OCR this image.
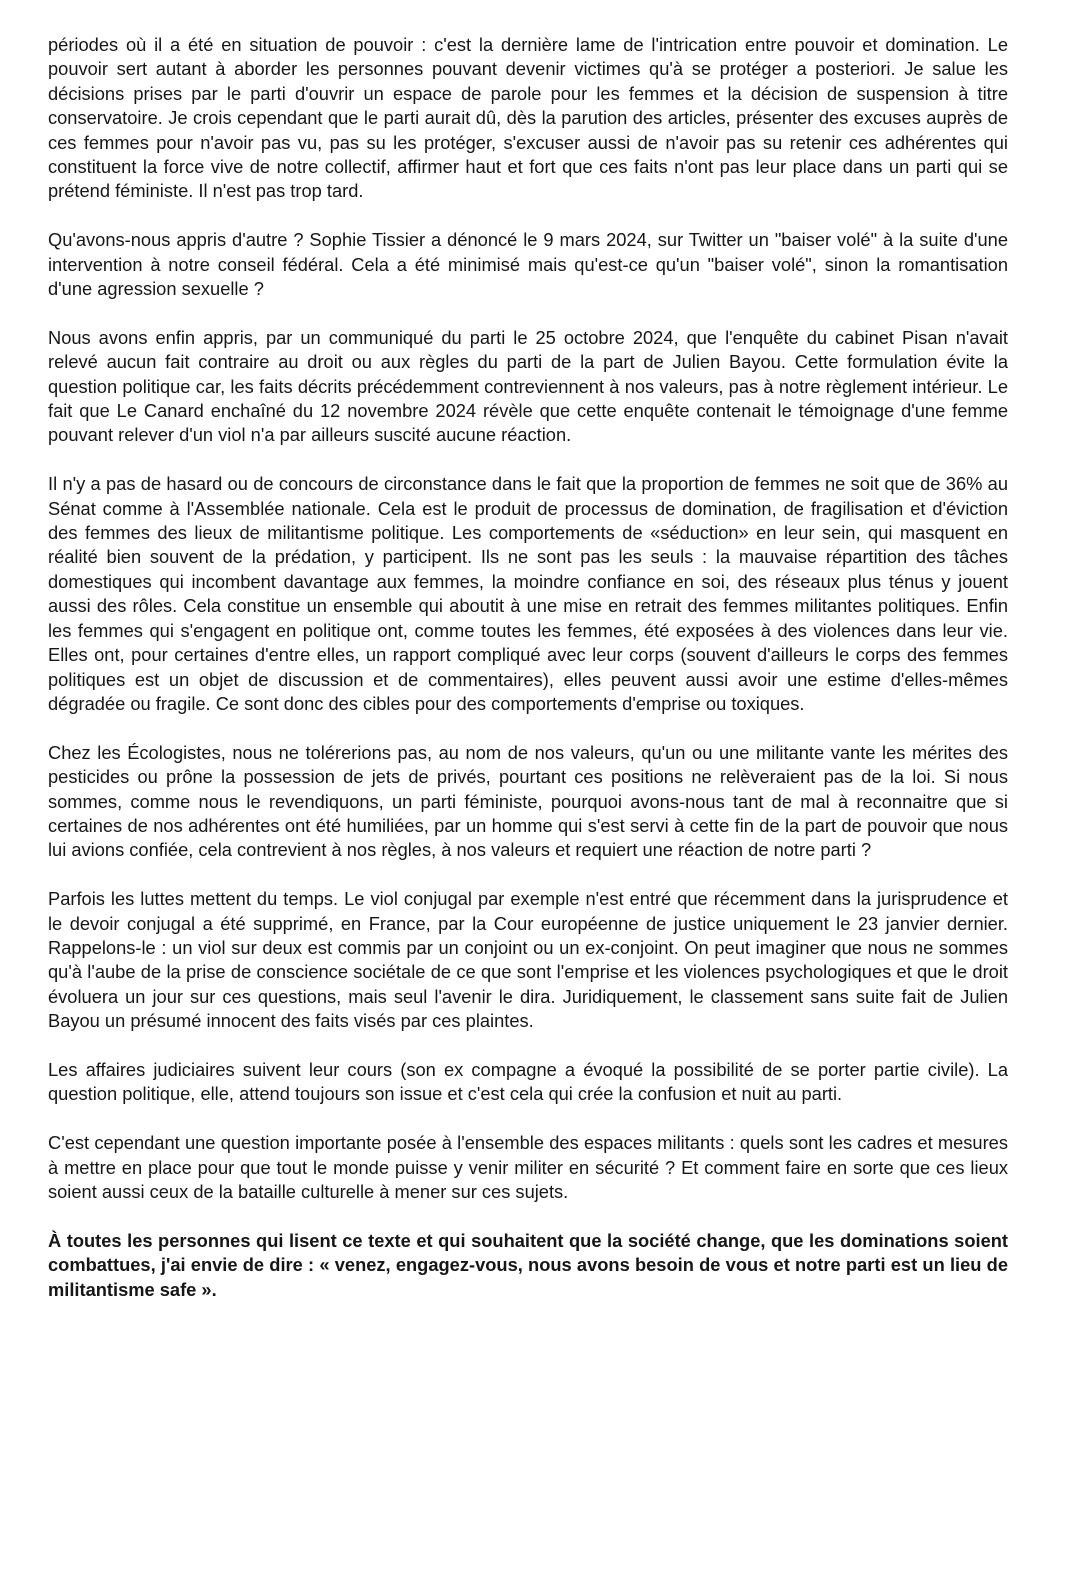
périodes où il a été en situation de pouvoir : c'est la dernière lame de l'intrication entre pouvoir et domination. Le pouvoir sert autant à aborder les personnes pouvant devenir victimes qu'à se protéger a posteriori. Je salue les décisions prises par le parti d'ouvrir un espace de parole pour les femmes et la décision de suspension à titre conservatoire. Je crois cependant que le parti aurait dû, dès la parution des articles, présenter des excuses auprès de ces femmes pour n'avoir pas vu, pas su les protéger, s'excuser aussi de n'avoir pas su retenir ces adhérentes qui constituent la force vive de notre collectif, affirmer haut et fort que ces faits n'ont pas leur place dans un parti qui se prétend féministe. Il n'est pas trop tard.

Qu'avons-nous appris d'autre ? Sophie Tissier a dénoncé le 9 mars 2024, sur Twitter un "baiser volé" à la suite d'une intervention à notre conseil fédéral. Cela a été minimisé mais qu'est-ce qu'un "baiser volé", sinon la romantisation d'une agression sexuelle ?

Nous avons enfin appris, par un communiqué du parti le 25 octobre 2024, que l'enquête du cabinet Pisan n'avait relevé aucun fait contraire au droit ou aux règles du parti de la part de Julien Bayou. Cette formulation évite la question politique car, les faits décrits précédemment contreviennent à nos valeurs, pas à notre règlement intérieur. Le fait que Le Canard enchaîné du 12 novembre 2024 révèle que cette enquête contenait le témoignage d'une femme pouvant relever d'un viol n'a par ailleurs suscité aucune réaction.

Il n'y a pas de hasard ou de concours de circonstance dans le fait que la proportion de femmes ne soit que de 36% au Sénat comme à l'Assemblée nationale. Cela est le produit de processus de domination, de fragilisation et d'éviction des femmes des lieux de militantisme politique. Les comportements de «séduction» en leur sein, qui masquent en réalité bien souvent de la prédation, y participent. Ils ne sont pas les seuls : la mauvaise répartition des tâches domestiques qui incombent davantage aux femmes, la moindre confiance en soi, des réseaux plus ténus y jouent aussi des rôles. Cela constitue un ensemble qui aboutit à une mise en retrait des femmes militantes politiques. Enfin les femmes qui s'engagent en politique ont, comme toutes les femmes, été exposées à des violences dans leur vie. Elles ont, pour certaines d'entre elles, un rapport compliqué avec leur corps (souvent d'ailleurs le corps des femmes politiques est un objet de discussion et de commentaires), elles peuvent aussi avoir une estime d'elles-mêmes dégradée ou fragile. Ce sont donc des cibles pour des comportements d'emprise ou toxiques.

Chez les Écologistes, nous ne tolérerions pas, au nom de nos valeurs, qu'un ou une militante vante les mérites des pesticides ou prône la possession de jets de privés, pourtant ces positions ne relèveraient pas de la loi. Si nous sommes, comme nous le revendiquons, un parti féministe, pourquoi avons-nous tant de mal à reconnaitre que si certaines de nos adhérentes ont été humiliées, par un homme qui s'est servi à cette fin de la part de pouvoir que nous lui avions confiée, cela contrevient à nos règles, à nos valeurs et requiert une réaction de notre parti ?

Parfois les luttes mettent du temps. Le viol conjugal par exemple n'est entré que récemment dans la jurisprudence et le devoir conjugal a été supprimé, en France, par la Cour européenne de justice uniquement le 23 janvier dernier. Rappelons-le : un viol sur deux est commis par un conjoint ou un ex-conjoint. On peut imaginer que nous ne sommes qu'à l'aube de la prise de conscience sociétale de ce que sont l'emprise et les violences psychologiques et que le droit évoluera un jour sur ces questions, mais seul l'avenir le dira. Juridiquement, le classement sans suite fait de Julien Bayou un présumé innocent des faits visés par ces plaintes.

Les affaires judiciaires suivent leur cours (son ex compagne a évoqué la possibilité de se porter partie civile). La question politique, elle, attend toujours son issue et c'est cela qui crée la confusion et nuit au parti.

C'est cependant une question importante posée à l'ensemble des espaces militants : quels sont les cadres et mesures à mettre en place pour que tout le monde puisse y venir militer en sécurité ? Et comment faire en sorte que ces lieux soient aussi ceux de la bataille culturelle à mener sur ces sujets.

À toutes les personnes qui lisent ce texte et qui souhaitent que la société change, que les dominations soient combattues, j'ai envie de dire : « venez, engagez-vous, nous avons besoin de vous et notre parti est un lieu de militantisme safe ».
